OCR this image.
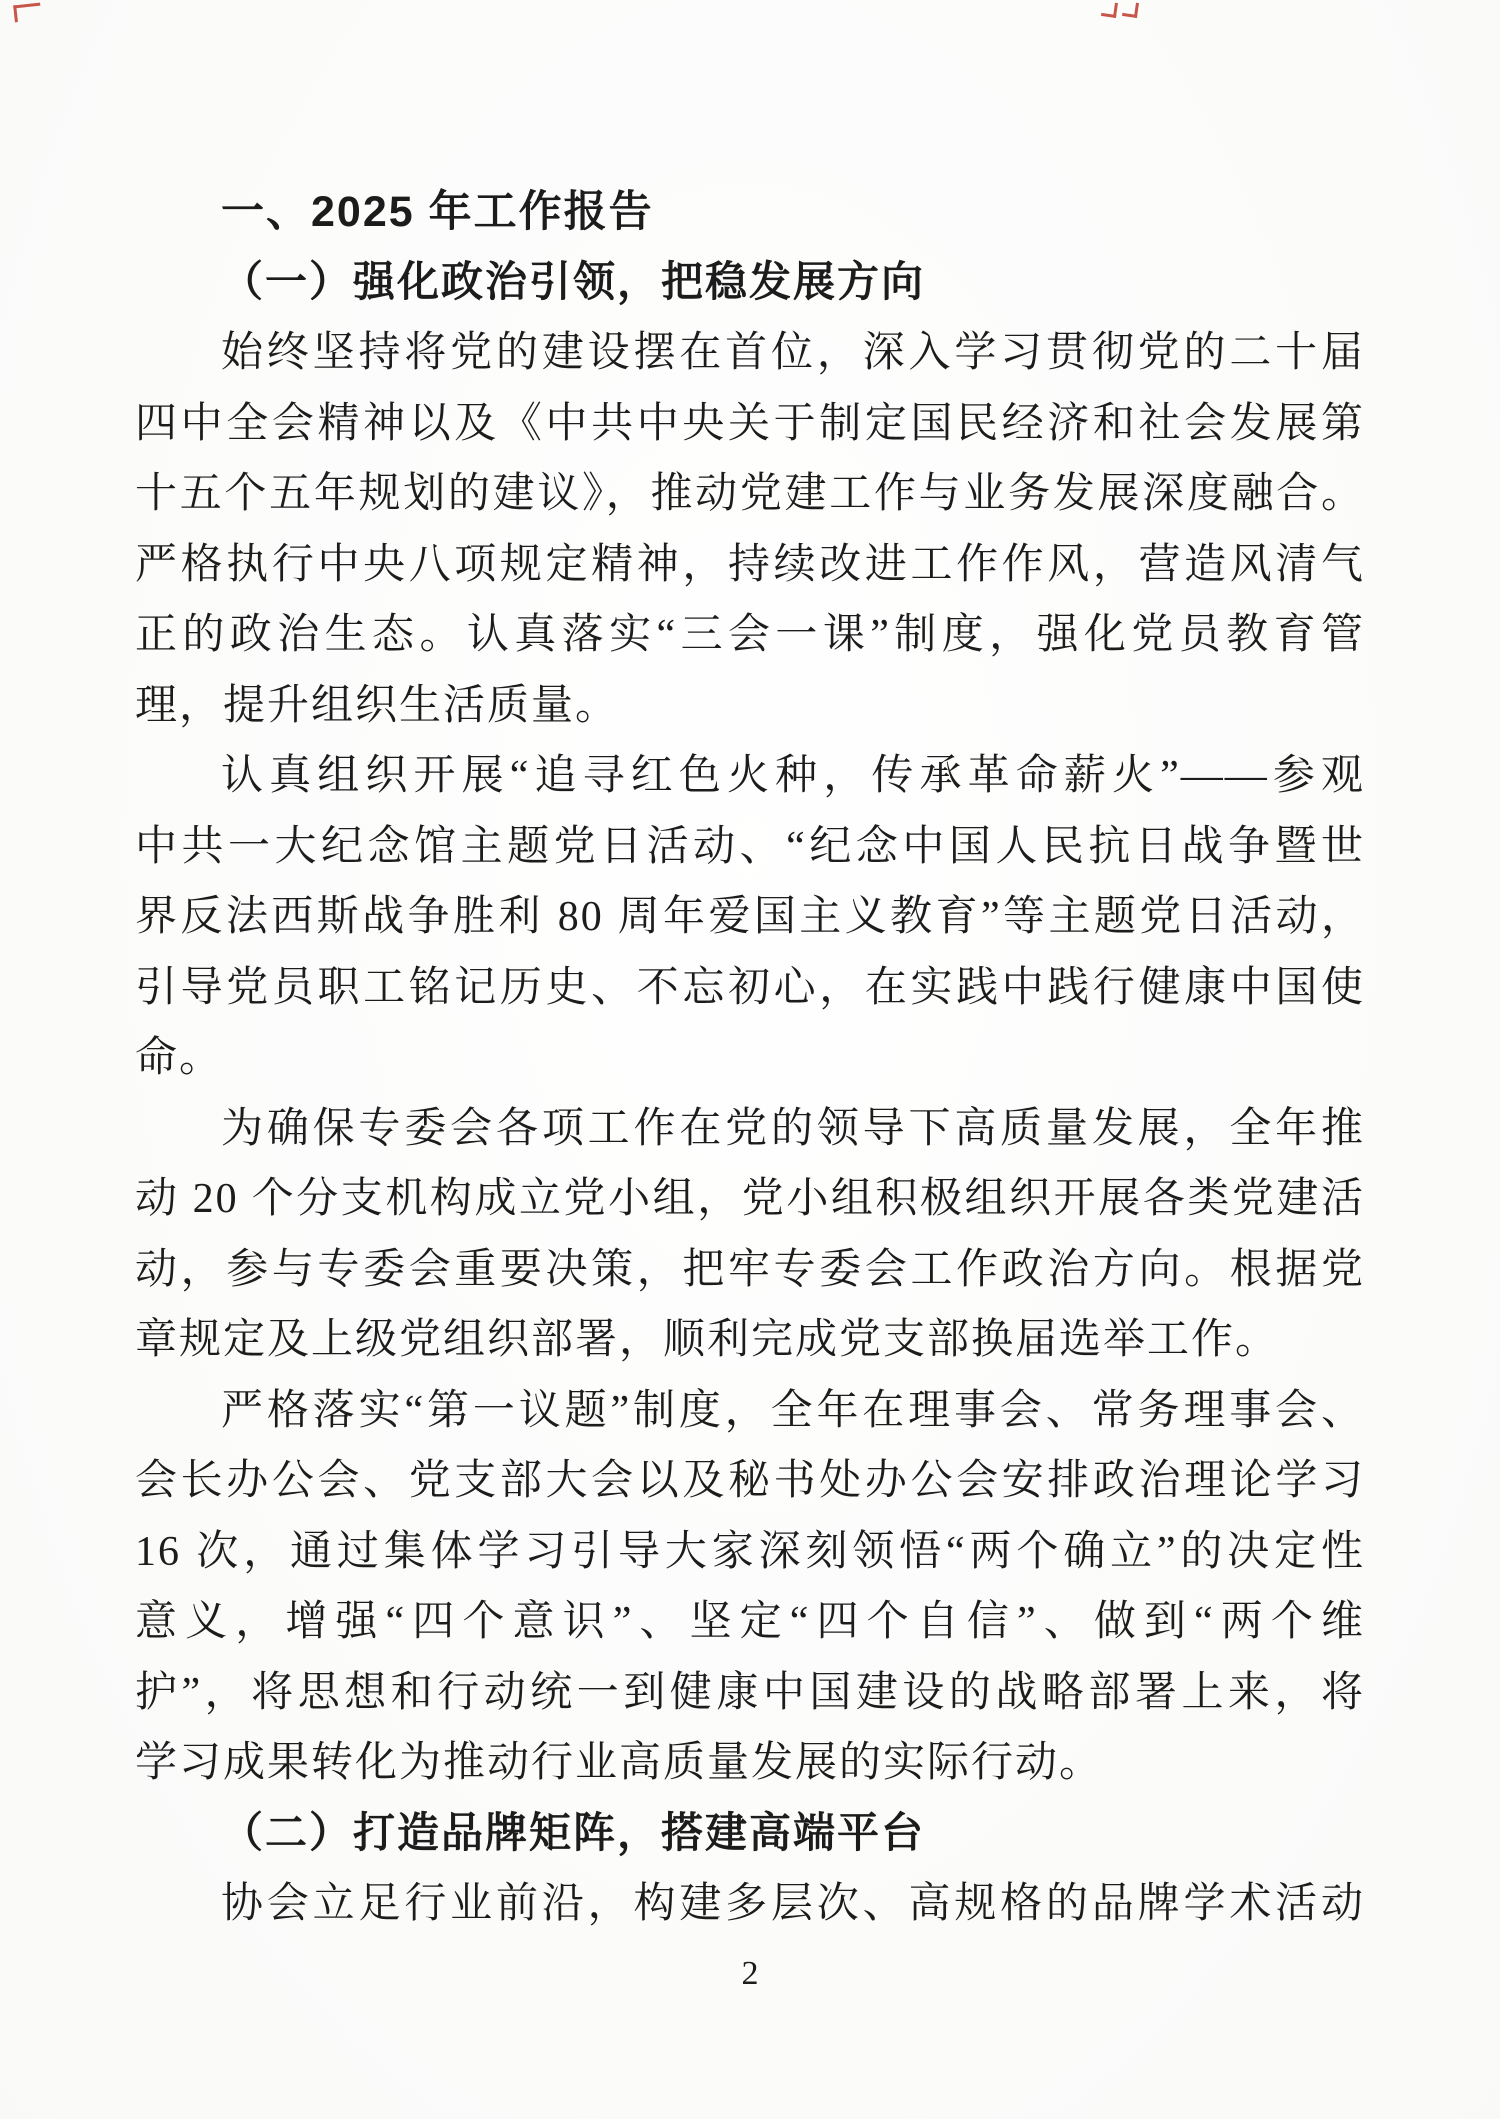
一、2025 年工作报告
（一）强化政治引领，把稳发展方向
始终坚持将党的建设摆在首位，深入学习贯彻党的二十届
四中全会精神以及《中共中央关于制定国民经济和社会发展第
十五个五年规划的建议》，推动党建工作与业务发展深度融合。
严格执行中央八项规定精神，持续改进工作作风，营造风清气
正的政治生态。认真落实“三会一课”制度，强化党员教育管
理，提升组织生活质量。
认真组织开展“追寻红色火种，传承革命薪火”——参观
中共一大纪念馆主题党日活动、“纪念中国人民抗日战争暨世
界反法西斯战争胜利 80 周年爱国主义教育”等主题党日活动，
引导党员职工铭记历史、不忘初心，在实践中践行健康中国使
命。
为确保专委会各项工作在党的领导下高质量发展，全年推
动 20 个分支机构成立党小组，党小组积极组织开展各类党建活
动，参与专委会重要决策，把牢专委会工作政治方向。根据党
章规定及上级党组织部署，顺利完成党支部换届选举工作。
严格落实“第一议题”制度，全年在理事会、常务理事会、
会长办公会、党支部大会以及秘书处办公会安排政治理论学习
16 次，通过集体学习引导大家深刻领悟“两个确立”的决定性
意义，增强“四个意识”、坚定“四个自信”、做到“两个维
护”，将思想和行动统一到健康中国建设的战略部署上来，将
学习成果转化为推动行业高质量发展的实际行动。
（二）打造品牌矩阵，搭建高端平台
协会立足行业前沿，构建多层次、高规格的品牌学术活动
2
